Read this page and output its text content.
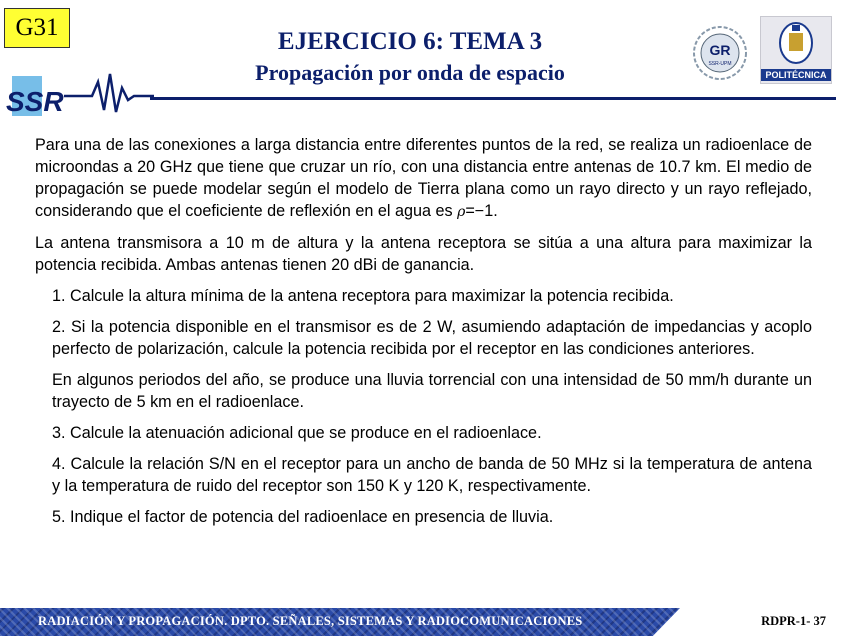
G31
EJERCICIO 6: TEMA 3
Propagación por onda de espacio
SSR
GR
SSR-UPM
POLITÉCNICA

Para una de las conexiones a larga distancia entre diferentes puntos de la red, se realiza un radioenlace de microondas a 20 GHz que tiene que cruzar un río, con una distancia entre antenas de 10.7 km. El medio de propagación se puede modelar según el modelo de Tierra plana como un rayo directo y un rayo reflejado, considerando que el coeficiente de reflexión en el agua es ρ=−1.

La antena transmisora a 10 m de altura y la antena receptora se sitúa a una altura para maximizar la potencia recibida. Ambas antenas tienen 20 dBi de ganancia.

1. Calcule la altura mínima de la antena receptora para maximizar la potencia recibida.

2. Si la potencia disponible en el transmisor es de 2 W, asumiendo adaptación de impedancias y acoplo perfecto de polarización, calcule la potencia recibida por el receptor en las condiciones anteriores.

En algunos periodos del año, se produce una lluvia torrencial con una intensidad de 50 mm/h durante un trayecto de 5 km en el radioenlace.

3. Calcule la atenuación adicional que se produce en el radioenlace.

4. Calcule la relación S/N en el receptor para un ancho de banda de 50 MHz si la temperatura de antena y la temperatura de ruido del receptor son 150 K y 120 K, respectivamente.

5. Indique el factor de potencia del radioenlace en presencia de lluvia.

RADIACIÓN Y PROPAGACIÓN. DPTO. SEÑALES, SISTEMAS Y RADIOCOMUNICACIONES	RDPR-1- 37
